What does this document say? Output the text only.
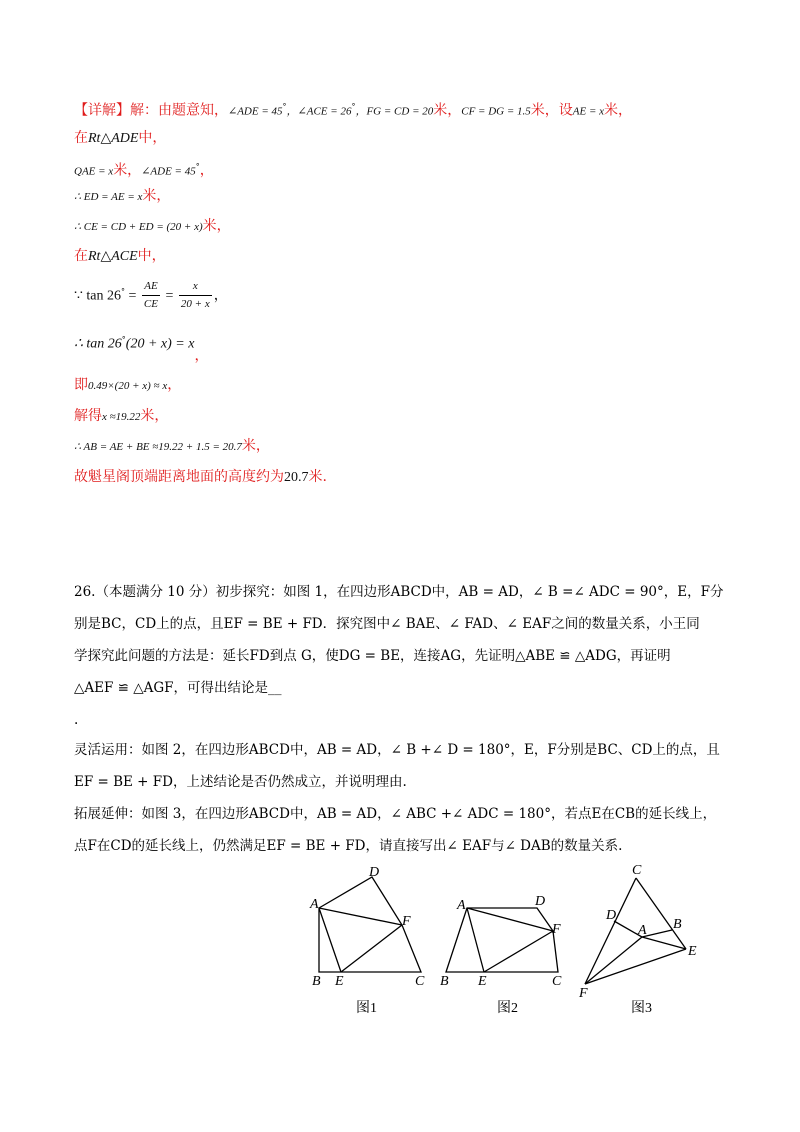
【详解】解：由题意知，∠ADE = 45°，∠ACE = 26°，FG = CD = 20米，CF = DG = 1.5米，设AE = x米，
在Rt△ADE中，
QAE = x米，∠ADE = 45°，
∴ ED = AE = x米，
∴ CE = CD + ED = (20 + x)米，
在Rt△ACE中，
∵ $\tan 26^\circ = \frac{AE}{CE} = \frac{x}{20 + x}$ ，
∴ tan 26°(20 + x) = x，
即0.49×(20 + x) ≈ x，
解得x ≈19.22米，
∴ AB = AE + BE ≈19.22 + 1.5 = 20.7米，
故魁星阁顶端距离地面的高度约为20.7米.
26.（本题满分 10 分）初步探究：如图 1，在四边形ABCD中，AB = AD，∠ B =∠ ADC = 90°，E，F分
别是BC，CD上的点，且EF = BE + FD．探究图中∠ BAE、∠ FAD、∠ EAF之间的数量关系，小王同
学探究此问题的方法是：延长FD到点 G，使DG = BE，连接AG，先证明△ABE ≌ △ADG，再证明
△AEF ≌ △AGF，可得出结论是__
.
灵活运用：如图 2，在四边形ABCD中，AB = AD，∠ B +∠ D = 180°，E，F分别是BC、CD上的点，且
EF = BE + FD，上述结论是否仍然成立，并说明理由.
拓展延伸：如图 3，在四边形ABCD中，AB = AD，∠ ABC +∠ ADC = 180°，若点E在CB的延长线上，
点F在CD的延长线上，仍然满足EF = BE + FD，请直接写出∠ EAF与∠ DAB的数量关系.
A
D
F
B E	C
图1
A	D
F
B E	C
图2
C
D
A B
E
F
图3
